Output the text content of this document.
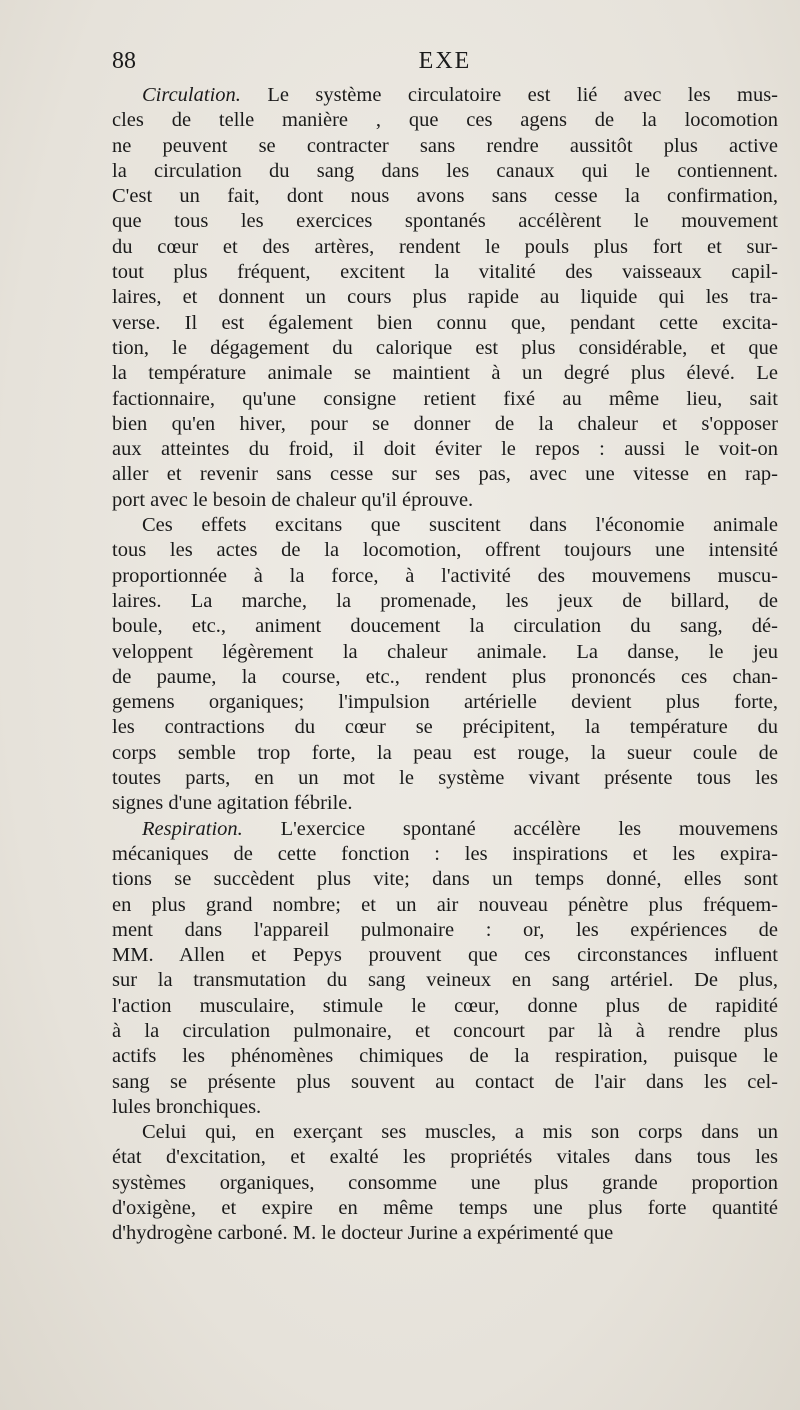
88	EXE
Circulation. Le système circulatoire est lié avec les mus-
cles de telle manière , que ces agens de la locomotion
ne peuvent se contracter sans rendre aussitôt plus active
la circulation du sang dans les canaux qui le contiennent.
C'est un fait, dont nous avons sans cesse la confirmation,
que tous les exercices spontanés accélèrent le mouvement
du cœur et des artères, rendent le pouls plus fort et sur-
tout plus fréquent, excitent la vitalité des vaisseaux capil-
laires, et donnent un cours plus rapide au liquide qui les tra-
verse. Il est également bien connu que, pendant cette excita-
tion, le dégagement du calorique est plus considérable, et que
la température animale se maintient à un degré plus élevé. Le
factionnaire, qu'une consigne retient fixé au même lieu, sait
bien qu'en hiver, pour se donner de la chaleur et s'opposer
aux atteintes du froid, il doit éviter le repos : aussi le voit-on
aller et revenir sans cesse sur ses pas, avec une vitesse en rap-
port avec le besoin de chaleur qu'il éprouve.
Ces effets excitans que suscitent dans l'économie animale
tous les actes de la locomotion, offrent toujours une intensité
proportionnée à la force, à l'activité des mouvemens muscu-
laires. La marche, la promenade, les jeux de billard, de
boule, etc., animent doucement la circulation du sang, dé-
veloppent légèrement la chaleur animale. La danse, le jeu
de paume, la course, etc., rendent plus prononcés ces chan-
gemens organiques; l'impulsion artérielle devient plus forte,
les contractions du cœur se précipitent, la température du
corps semble trop forte, la peau est rouge, la sueur coule de
toutes parts, en un mot le système vivant présente tous les
signes d'une agitation fébrile.
Respiration. L'exercice spontané accélère les mouvemens
mécaniques de cette fonction : les inspirations et les expira-
tions se succèdent plus vite; dans un temps donné, elles sont
en plus grand nombre; et un air nouveau pénètre plus fréquem-
ment dans l'appareil pulmonaire : or, les expériences de
MM. Allen et Pepys prouvent que ces circonstances influent
sur la transmutation du sang veineux en sang artériel. De plus,
l'action musculaire, stimule le cœur, donne plus de rapidité
à la circulation pulmonaire, et concourt par là à rendre plus
actifs les phénomènes chimiques de la respiration, puisque le
sang se présente plus souvent au contact de l'air dans les cel-
lules bronchiques.
Celui qui, en exerçant ses muscles, a mis son corps dans un
état d'excitation, et exalté les propriétés vitales dans tous les
systèmes organiques, consomme une plus grande proportion
d'oxigène, et expire en même temps une plus forte quantité
d'hydrogène carboné. M. le docteur Jurine a expérimenté que
